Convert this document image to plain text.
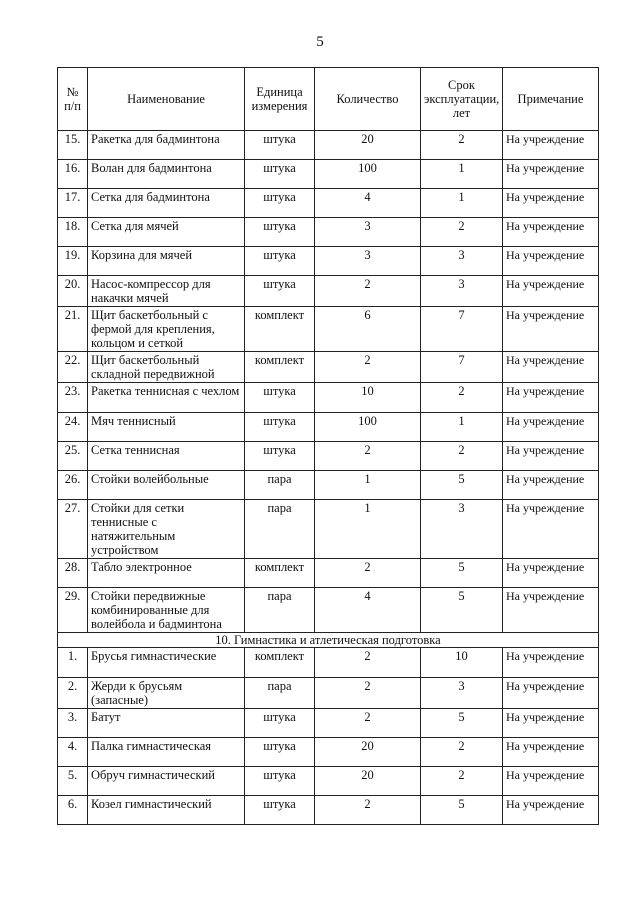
5
№ п/п	Наименование	Единица измерения	Количество	Срок эксплуатации, лет	Примечание
15.	Ракетка для бадминтона	штука	20	2	На учреждение
16.	Волан для бадминтона	штука	100	1	На учреждение
17.	Сетка для бадминтона	штука	4	1	На учреждение
18.	Сетка для мячей	штука	3	2	На учреждение
19.	Корзина для мячей	штука	3	3	На учреждение
20.	Насос-компрессор для накачки мячей	штука	2	3	На учреждение
21.	Щит баскетбольный с фермой для крепления, кольцом и сеткой	комплект	6	7	На учреждение
22.	Щит баскетбольный складной передвижной	комплект	2	7	На учреждение
23.	Ракетка теннисная с чехлом	штука	10	2	На учреждение
24.	Мяч теннисный	штука	100	1	На учреждение
25.	Сетка теннисная	штука	2	2	На учреждение
26.	Стойки волейбольные	пара	1	5	На учреждение
27.	Стойки для сетки теннисные с натяжительным устройством	пара	1	3	На учреждение
28.	Табло электронное	комплект	2	5	На учреждение
29.	Стойки передвижные комбинированные для волейбола и бадминтона	пара	4	5	На учреждение
10. Гимнастика и атлетическая подготовка					
1.	Брусья гимнастические	комплект	2	10	На учреждение
2.	Жерди к брусьям (запасные)	пара	2	3	На учреждение
3.	Батут	штука	2	5	На учреждение
4.	Палка гимнастическая	штука	20	2	На учреждение
5.	Обруч гимнастический	штука	20	2	На учреждение
6.	Козел гимнастический	штука	2	5	На учреждение
